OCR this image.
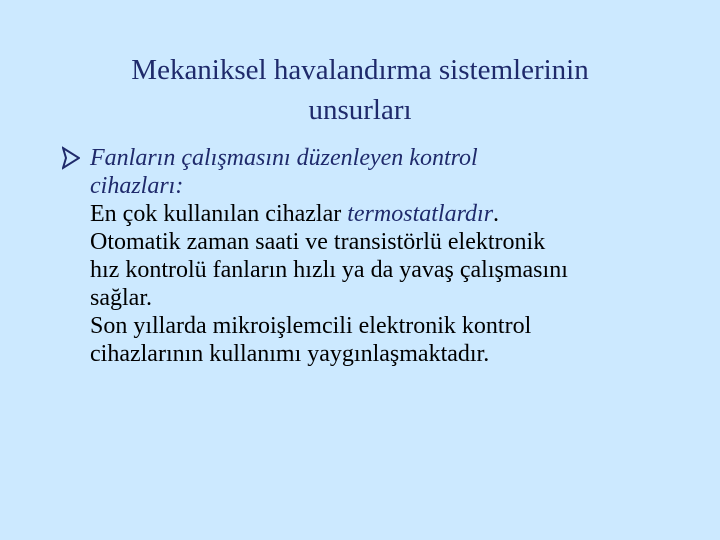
Mekaniksel havalandırma sistemlerinin
unsurları
Fanların çalışmasını düzenleyen kontrol
cihazları:
En çok kullanılan cihazlar termostatlardır.
Otomatik zaman saati ve transistörlü elektronik
hız kontrolü fanların hızlı ya da yavaş çalışmasını
sağlar.
Son yıllarda mikroişlemcili elektronik kontrol
cihazlarının kullanımı yaygınlaşmaktadır.
